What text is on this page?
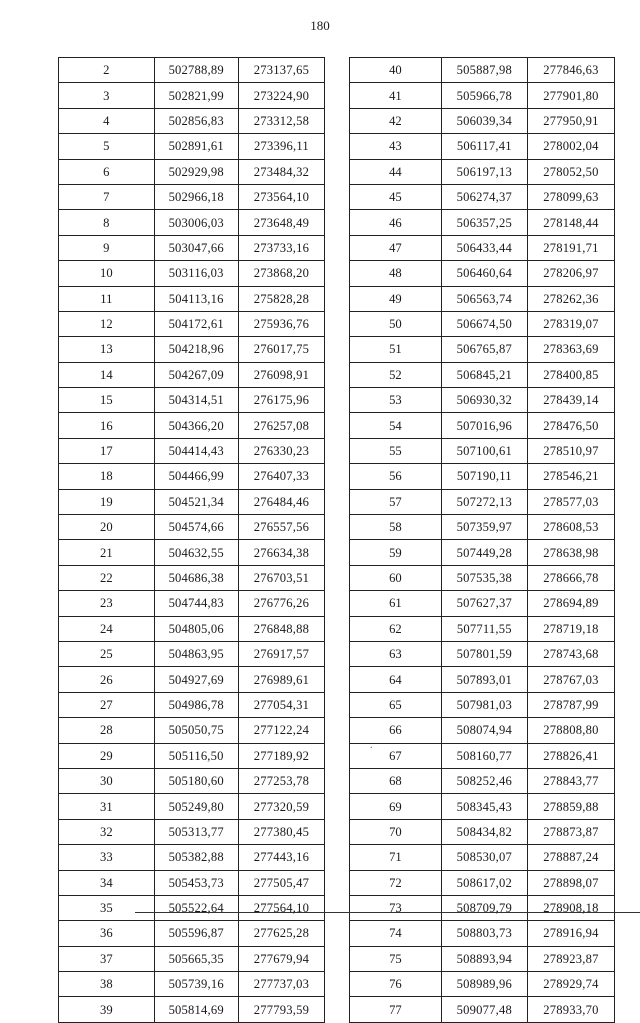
180
2	502788,89	273137,65
3	502821,99	273224,90
4	502856,83	273312,58
5	502891,61	273396,11
6	502929,98	273484,32
7	502966,18	273564,10
8	503006,03	273648,49
9	503047,66	273733,16
10	503116,03	273868,20
11	504113,16	275828,28
12	504172,61	275936,76
13	504218,96	276017,75
14	504267,09	276098,91
15	504314,51	276175,96
16	504366,20	276257,08
17	504414,43	276330,23
18	504466,99	276407,33
19	504521,34	276484,46
20	504574,66	276557,56
21	504632,55	276634,38
22	504686,38	276703,51
23	504744,83	276776,26
24	504805,06	276848,88
25	504863,95	276917,57
26	504927,69	276989,61
27	504986,78	277054,31
28	505050,75	277122,24
29	505116,50	277189,92
30	505180,60	277253,78
31	505249,80	277320,59
32	505313,77	277380,45
33	505382,88	277443,16
34	505453,73	277505,47
35	505522,64	277564,10
36	505596,87	277625,28
37	505665,35	277679,94
38	505739,16	277737,03
39	505814,69	277793,59
40	505887,98	277846,63
41	505966,78	277901,80
42	506039,34	277950,91
43	506117,41	278002,04
44	506197,13	278052,50
45	506274,37	278099,63
46	506357,25	278148,44
47	506433,44	278191,71
48	506460,64	278206,97
49	506563,74	278262,36
50	506674,50	278319,07
51	506765,87	278363,69
52	506845,21	278400,85
53	506930,32	278439,14
54	507016,96	278476,50
55	507100,61	278510,97
56	507190,11	278546,21
57	507272,13	278577,03
58	507359,97	278608,53
59	507449,28	278638,98
60	507535,38	278666,78
61	507627,37	278694,89
62	507711,55	278719,18
63	507801,59	278743,68
64	507893,01	278767,03
65	507981,03	278787,99
66	508074,94	278808,80
67	508160,77	278826,41
68	508252,46	278843,77
69	508345,43	278859,88
70	508434,82	278873,87
71	508530,07	278887,24
72	508617,02	278898,07
73	508709,79	278908,18
74	508803,73	278916,94
75	508893,94	278923,87
76	508989,96	278929,74
77	509077,48	278933,70
.
